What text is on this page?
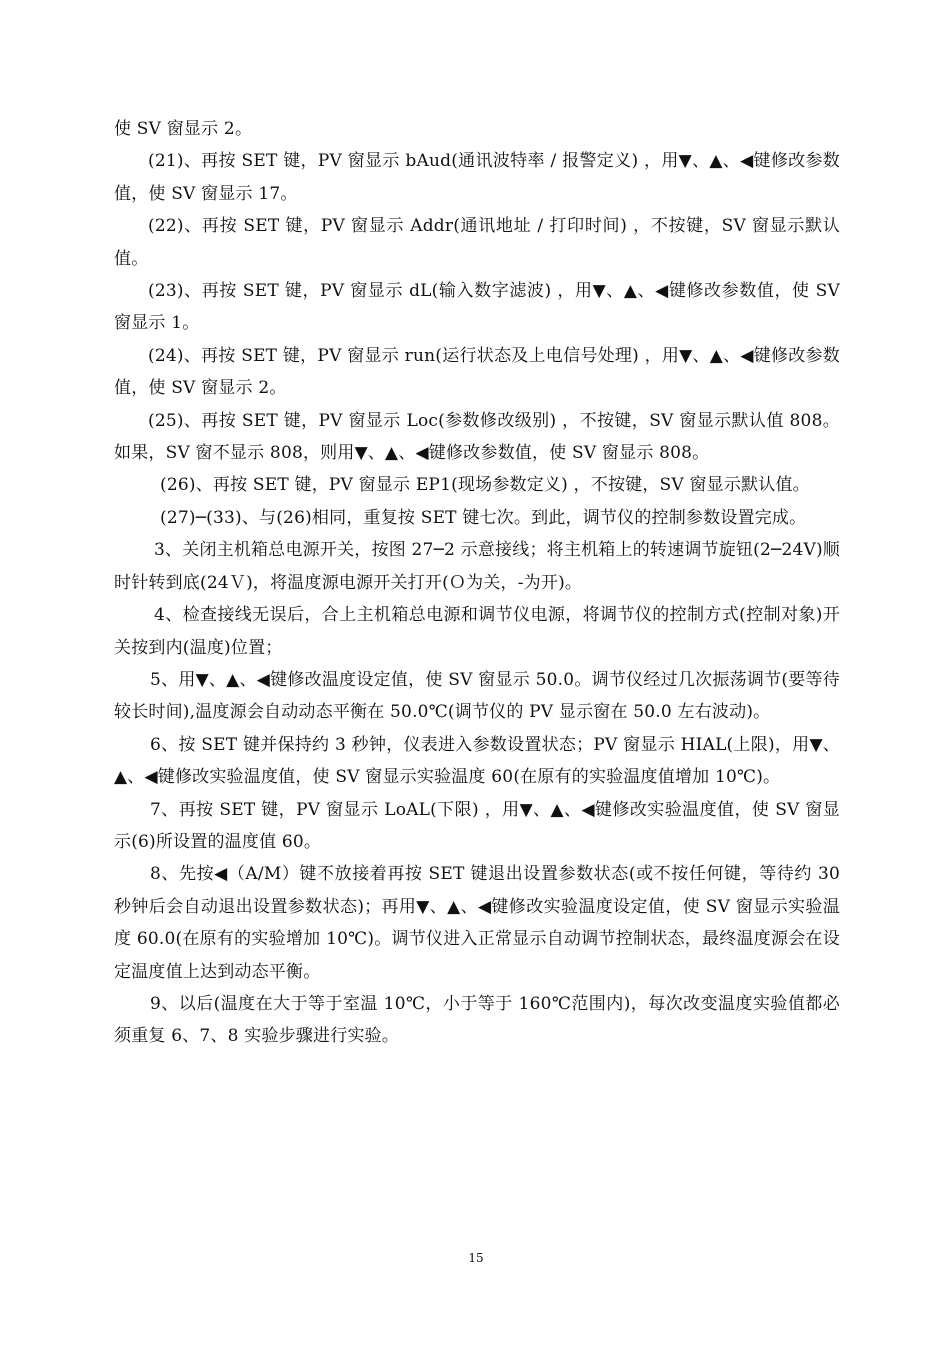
使 SV 窗显示 2。

(21)、再按 SET 键，PV 窗显示 bAud(通讯波特率 / 报警定义) ，用▼、▲、◀键修改参数值，使 SV 窗显示 17。

(22)、再按 SET 键，PV 窗显示 Addr(通讯地址 / 打印时间) ，不按键，SV 窗显示默认值。

(23)、再按 SET 键，PV 窗显示 dL(输入数字滤波) ，用▼、▲、◀键修改参数值，使 SV 窗显示 1。

(24)、再按 SET 键，PV 窗显示 run(运行状态及上电信号处理) ，用▼、▲、◀键修改参数值，使 SV 窗显示 2。

(25)、再按 SET 键，PV 窗显示 Loc(参数修改级别) ，不按键，SV 窗显示默认值 808。如果，SV 窗不显示 808，则用▼、▲、◀键修改参数值，使 SV 窗显示 808。

(26)、再按 SET 键，PV 窗显示 EP1(现场参数定义) ，不按键，SV 窗显示默认值。

(27)─(33)、与(26)相同，重复按 SET 键七次。到此，调节仪的控制参数设置完成。

3、关闭主机箱总电源开关，按图 27─2 示意接线；将主机箱上的转速调节旋钮(2─24V)顺时针转到底(24Ｖ)，将温度源电源开关打开(Ｏ为关，-为开)。

4、检查接线无误后，合上主机箱总电源和调节仪电源，将调节仪的控制方式(控制对象)开关按到内(温度)位置；

5、用▼、▲、◀键修改温度设定值，使 SV 窗显示 50.0。调节仪经过几次振荡调节(要等待较长时间),温度源会自动动态平衡在 50.0℃(调节仪的 PV 显示窗在 50.0 左右波动)。

6、按 SET 键并保持约 3 秒钟，仪表进入参数设置状态；PV 窗显示 HIAL(上限)，用▼、▲、◀键修改实验温度值，使 SV 窗显示实验温度 60(在原有的实验温度值增加 10℃)。

7、再按 SET 键，PV 窗显示 LoAL(下限) ，用▼、▲、◀键修改实验温度值，使 SV 窗显示(6)所设置的温度值 60。

8、先按◀（A/M）键不放接着再按 SET 键退出设置参数状态(或不按任何键，等待约 30 秒钟后会自动退出设置参数状态)；再用▼、▲、◀键修改实验温度设定值，使 SV 窗显示实验温度 60.0(在原有的实验增加 10℃)。调节仪进入正常显示自动调节控制状态，最终温度源会在设定温度值上达到动态平衡。

9、以后(温度在大于等于室温 10℃，小于等于 160℃范围内)，每次改变温度实验值都必须重复 6、7、8 实验步骤进行实验。

15
